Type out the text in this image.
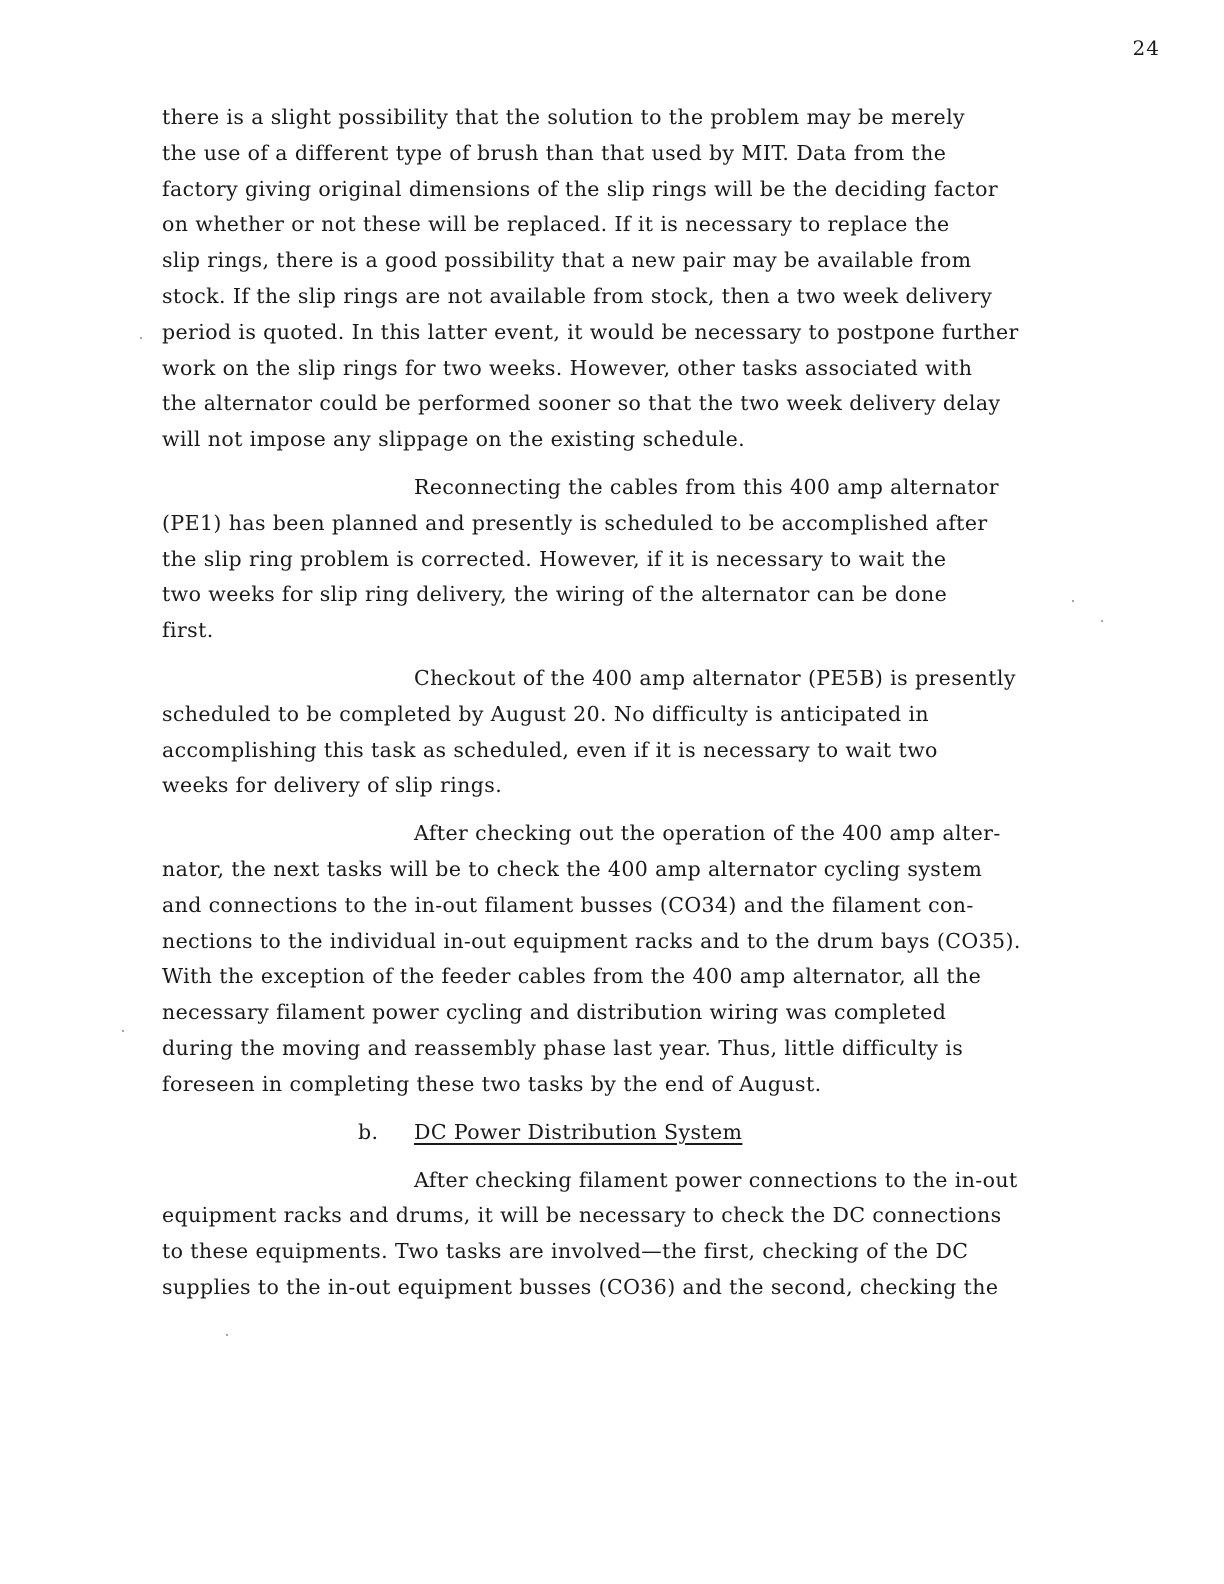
24

there is a slight possibility that the solution to the problem may be merely
the use of a different type of brush than that used by MIT. Data from the
factory giving original dimensions of the slip rings will be the deciding factor
on whether or not these will be replaced. If it is necessary to replace the
slip rings, there is a good possibility that a new pair may be available from
stock. If the slip rings are not available from stock, then a two week delivery
period is quoted. In this latter event, it would be necessary to postpone further
work on the slip rings for two weeks. However, other tasks associated with
the alternator could be performed sooner so that the two week delivery delay
will not impose any slippage on the existing schedule.

Reconnecting the cables from this 400 amp alternator
(PE1) has been planned and presently is scheduled to be accomplished after
the slip ring problem is corrected. However, if it is necessary to wait the
two weeks for slip ring delivery, the wiring of the alternator can be done
first.

Checkout of the 400 amp alternator (PE5B) is presently
scheduled to be completed by August 20. No difficulty is anticipated in
accomplishing this task as scheduled, even if it is necessary to wait two
weeks for delivery of slip rings.

After checking out the operation of the 400 amp alter-
nator, the next tasks will be to check the 400 amp alternator cycling system
and connections to the in-out filament busses (CO34) and the filament con-
nections to the individual in-out equipment racks and to the drum bays (CO35).
With the exception of the feeder cables from the 400 amp alternator, all the
necessary filament power cycling and distribution wiring was completed
during the moving and reassembly phase last year. Thus, little difficulty is
foreseen in completing these two tasks by the end of August.

b. DC Power Distribution System

After checking filament power connections to the in-out
equipment racks and drums, it will be necessary to check the DC connections
to these equipments. Two tasks are involved—the first, checking of the DC
supplies to the in-out equipment busses (CO36) and the second, checking the
